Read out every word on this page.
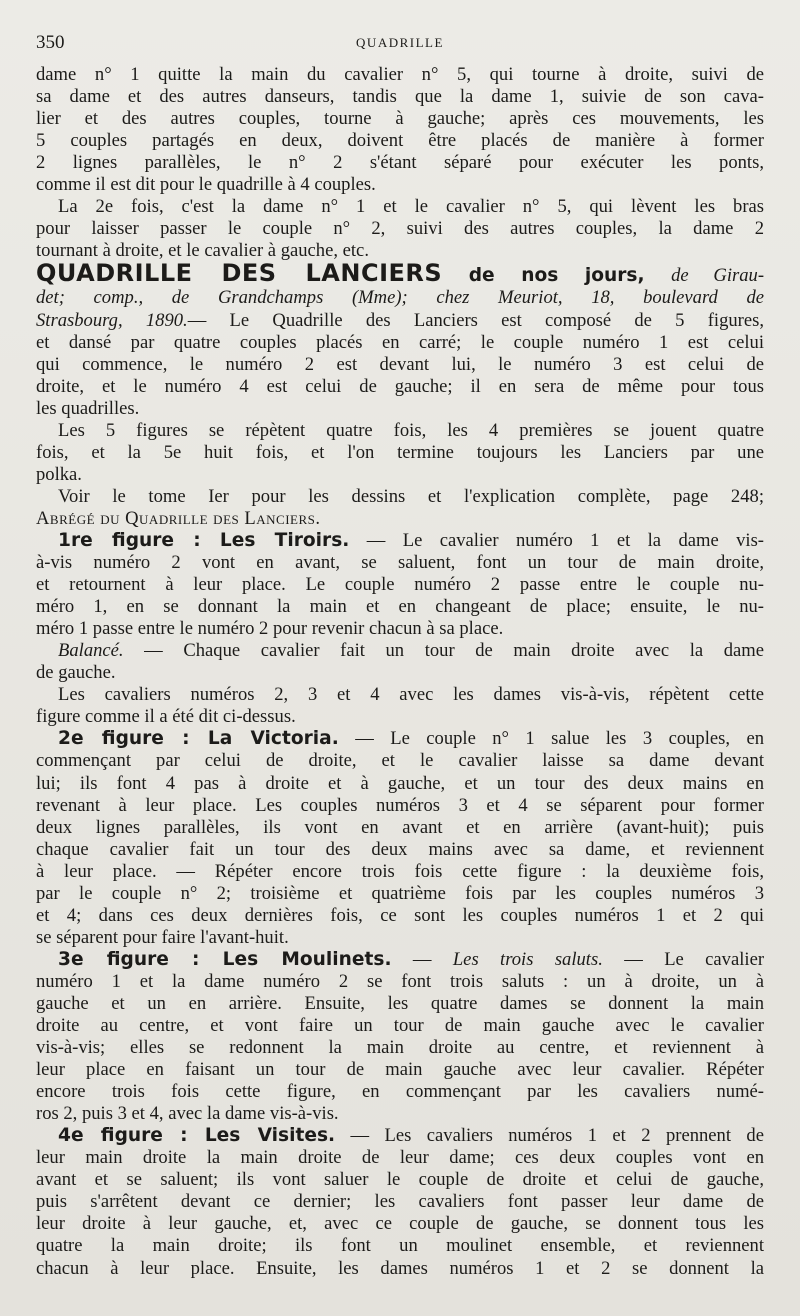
350	QUADRILLE
dame n° 1 quitte la main du cavalier n° 5, qui tourne à droite, suivi de
sa dame et des autres danseurs, tandis que la dame 1, suivie de son cava-
lier et des autres couples, tourne à gauche; après ces mouvements, les
5 couples partagés en deux, doivent être placés de manière à former
2 lignes parallèles, le n° 2 s'étant séparé pour exécuter les ponts,
comme il est dit pour le quadrille à 4 couples.
La 2e fois, c'est la dame n° 1 et le cavalier n° 5, qui lèvent les bras
pour laisser passer le couple n° 2, suivi des autres couples, la dame 2
tournant à droite, et le cavalier à gauche, etc.
QUADRILLE DES LANCIERS de nos jours, de Girau-
det; comp., de Grandchamps (Mme); chez Meuriot, 18, boulevard de
Strasbourg, 1890.— Le Quadrille des Lanciers est composé de 5 figures,
et dansé par quatre couples placés en carré; le couple numéro 1 est celui
qui commence, le numéro 2 est devant lui, le numéro 3 est celui de
droite, et le numéro 4 est celui de gauche; il en sera de même pour tous
les quadrilles.
Les 5 figures se répètent quatre fois, les 4 premières se jouent quatre
fois, et la 5e huit fois, et l'on termine toujours les Lanciers par une
polka.
Voir le tome Ier pour les dessins et l'explication complète, page 248;
Abrégé du Quadrille des Lanciers.
1re figure : Les Tiroirs. — Le cavalier numéro 1 et la dame vis-
à-vis numéro 2 vont en avant, se saluent, font un tour de main droite,
et retournent à leur place. Le couple numéro 2 passe entre le couple nu-
méro 1, en se donnant la main et en changeant de place; ensuite, le nu-
méro 1 passe entre le numéro 2 pour revenir chacun à sa place.
Balancé. — Chaque cavalier fait un tour de main droite avec la dame
de gauche.
Les cavaliers numéros 2, 3 et 4 avec les dames vis-à-vis, répètent cette
figure comme il a été dit ci-dessus.
2e figure : La Victoria. — Le couple n° 1 salue les 3 couples, en
commençant par celui de droite, et le cavalier laisse sa dame devant
lui; ils font 4 pas à droite et à gauche, et un tour des deux mains en
revenant à leur place. Les couples numéros 3 et 4 se séparent pour former
deux lignes parallèles, ils vont en avant et en arrière (avant-huit); puis
chaque cavalier fait un tour des deux mains avec sa dame, et reviennent
à leur place. — Répéter encore trois fois cette figure : la deuxième fois,
par le couple n° 2; troisième et quatrième fois par les couples numéros 3
et 4; dans ces deux dernières fois, ce sont les couples numéros 1 et 2 qui
se séparent pour faire l'avant-huit.
3e figure : Les Moulinets. — Les trois saluts. — Le cavalier
numéro 1 et la dame numéro 2 se font trois saluts : un à droite, un à
gauche et un en arrière. Ensuite, les quatre dames se donnent la main
droite au centre, et vont faire un tour de main gauche avec le cavalier
vis-à-vis; elles se redonnent la main droite au centre, et reviennent à
leur place en faisant un tour de main gauche avec leur cavalier. Répéter
encore trois fois cette figure, en commençant par les cavaliers numé-
ros 2, puis 3 et 4, avec la dame vis-à-vis.
4e figure : Les Visites. — Les cavaliers numéros 1 et 2 prennent de
leur main droite la main droite de leur dame; ces deux couples vont en
avant et se saluent; ils vont saluer le couple de droite et celui de gauche,
puis s'arrêtent devant ce dernier; les cavaliers font passer leur dame de
leur droite à leur gauche, et, avec ce couple de gauche, se donnent tous les
quatre la main droite; ils font un moulinet ensemble, et reviennent
chacun à leur place. Ensuite, les dames numéros 1 et 2 se donnent la
